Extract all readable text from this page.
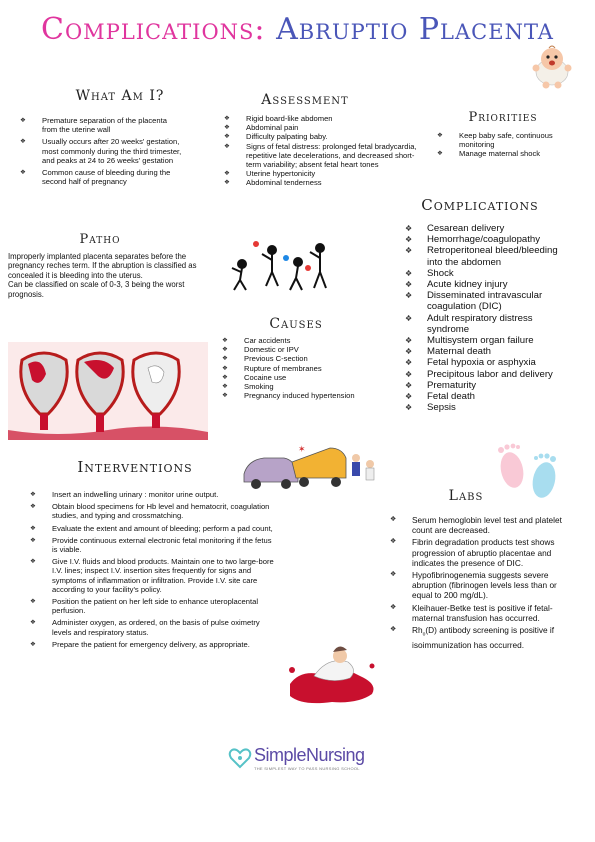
Complications: Abruptio Placenta
What Am I?
❖ Premature separation of the placenta from the uterine wall
❖ Usually occurs after 20 weeks' gestation, most commonly during the third trimester, and peaks at 24 to 26 weeks' gestation
❖ Common cause of bleeding during the second half of pregnancy
Patho
Improperly implanted placenta separates before the pregnancy reches term. If the abruption is classified as concealed it is bleeding into the uterus.
Can be classified on scale of 0-3, 3 being the worst prognosis.
Assessment
❖ Rigid board-like abdomen
❖ Abdominal pain
❖ Difficulty palpating baby.
❖ Signs of fetal distress: prolonged fetal bradycardia, repetitive late decelerations, and decreased short-term variability; absent fetal heart tones
❖ Uterine hypertonicity
❖ Abdominal tenderness
Causes
❖ Car accidents
❖ Domestic or IPV
❖ Previous C-section
❖ Rupture of membranes
❖ Cocaine use
❖ Smoking
❖ Pregnancy induced hypertension
✶
Priorities
❖ Keep baby safe, continuous monitoring
❖ Manage maternal shock
Complications
❖ Cesarean delivery
❖ Hemorrhage/coagulopathy
❖ Retroperitoneal bleed/bleeding into the abdomen
❖ Shock
❖ Acute kidney injury
❖ Disseminated intravascular coagulation (DIC)
❖ Adult respiratory distress syndrome
❖ Multisystem organ failure
❖ Maternal death
❖ Fetal hypoxia or asphyxia
❖ Precipitous labor and delivery
❖ Prematurity
❖ Fetal death
❖ Sepsis
Interventions
❖ Insert an indwelling urinary : monitor urine output.
❖ Obtain blood specimens for Hb level and hematocrit, coagulation studies, and typing and crossmatching.
❖ Evaluate the extent and amount of bleeding; perform a pad count,
❖ Provide continuous external electronic fetal monitoring if the fetus is viable.
❖ Give I.V. fluids and blood products. Maintain one to two large-bore I.V. lines; inspect I.V. insertion sites frequently for signs and symptoms of inflammation or infiltration. Provide I.V. site care according to your facility's policy.
❖ Position the patient on her left side to enhance uteroplacental perfusion.
❖ Administer oxygen, as ordered, on the basis of pulse oximetry levels and respiratory status.
❖ Prepare the patient for emergency delivery, as appropriate.
Labs
❖ Serum hemoglobin level test and platelet count are decreased.
❖ Fibrin degradation products test shows progression of abruptio placentae and indicates the presence of DIC.
❖ Hypofibrinogenemia suggests severe abruption (fibrinogen levels less than or equal to 200 mg/dL).
❖ Kleihauer-Betke test is positive if fetal-maternal transfusion has occurred.
❖ $Rh_o(D)$ antibody screening is positive if isoimmunization has occurred.
SimpleNursing
THE SIMPLEST WAY TO PASS NURSING SCHOOL
